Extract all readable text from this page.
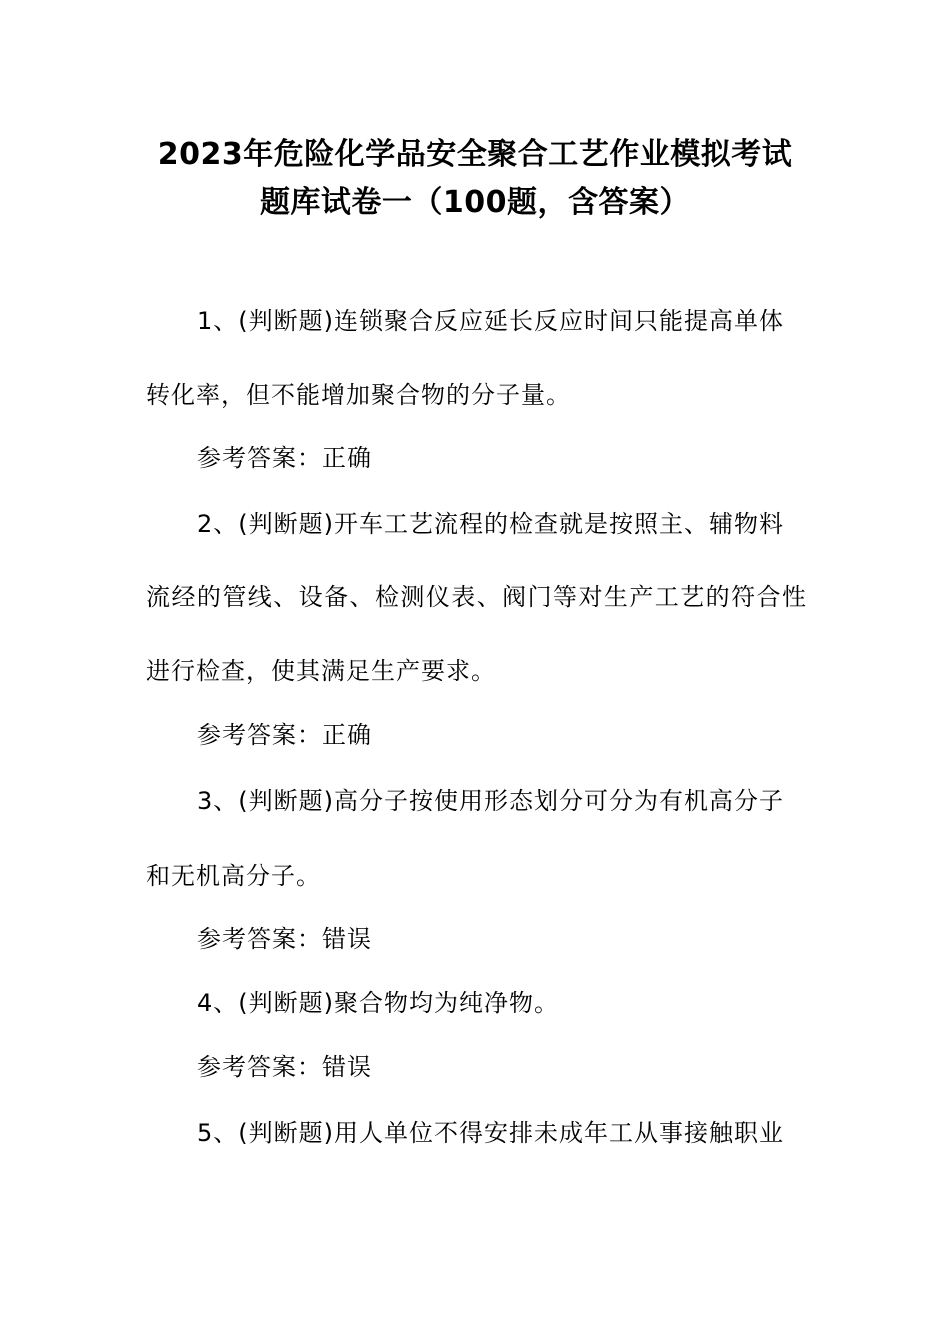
2023年危险化学品安全聚合工艺作业模拟考试
题库试卷一（100题，含答案）
1、(判断题)连锁聚合反应延长反应时间只能提高单体
转化率，但不能增加聚合物的分子量。
参考答案：正确
2、(判断题)开车工艺流程的检查就是按照主、辅物料
流经的管线、设备、检测仪表、阀门等对生产工艺的符合性
进行检查，使其满足生产要求。
参考答案：正确
3、(判断题)高分子按使用形态划分可分为有机高分子
和无机高分子。
参考答案：错误
4、(判断题)聚合物均为纯净物。
参考答案：错误
5、(判断题)用人单位不得安排未成年工从事接触职业
